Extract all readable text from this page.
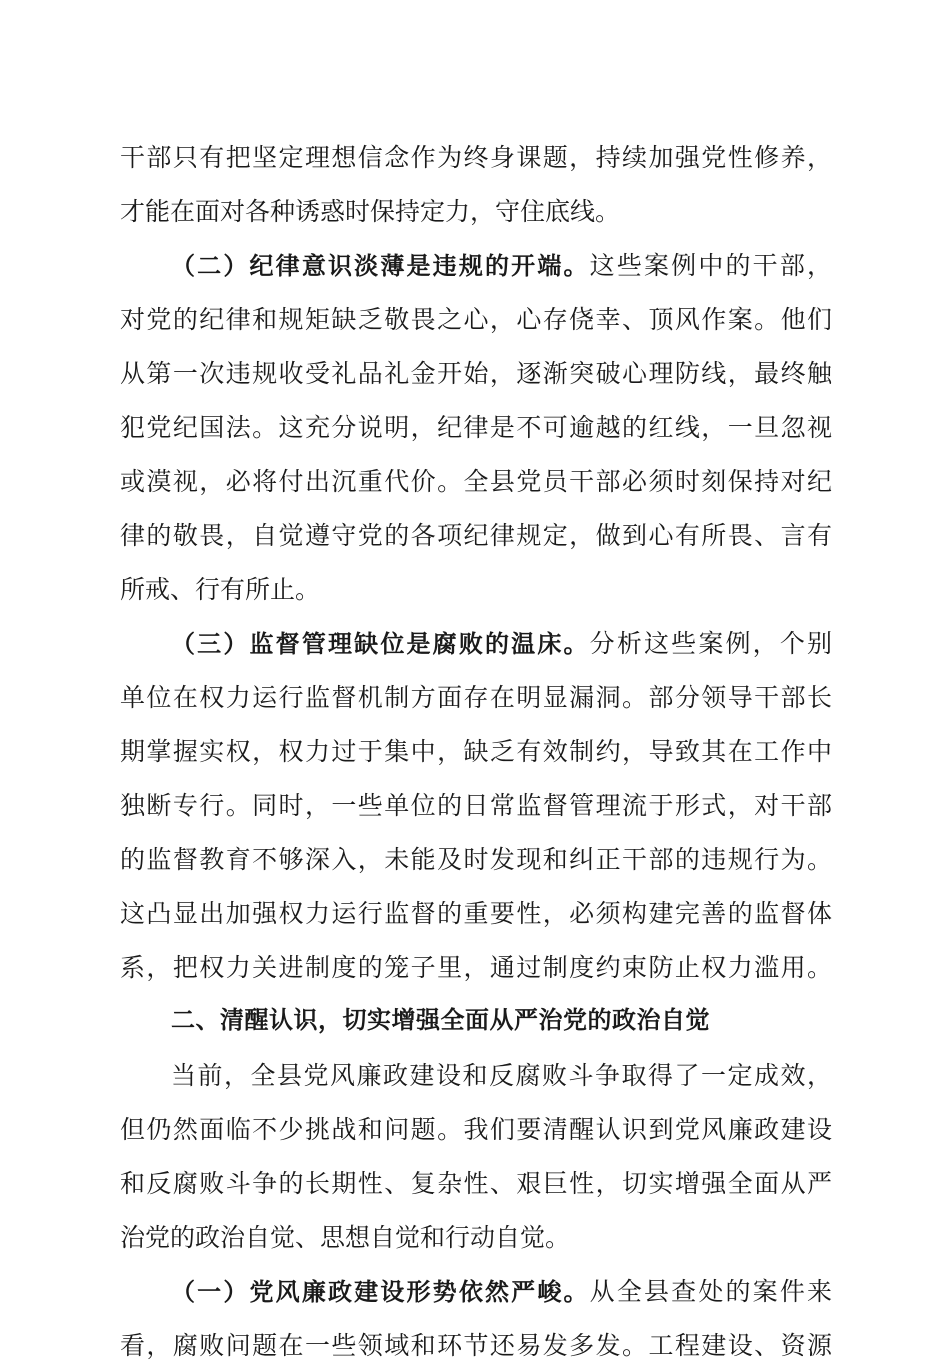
干部只有把坚定理想信念作为终身课题，持续加强党性修养，
才能在面对各种诱惑时保持定力，守住底线。
（二）纪律意识淡薄是违规的开端。这些案例中的干部，
对党的纪律和规矩缺乏敬畏之心，心存侥幸、顶风作案。他们
从第一次违规收受礼品礼金开始，逐渐突破心理防线，最终触
犯党纪国法。这充分说明，纪律是不可逾越的红线，一旦忽视
或漠视，必将付出沉重代价。全县党员干部必须时刻保持对纪
律的敬畏，自觉遵守党的各项纪律规定，做到心有所畏、言有
所戒、行有所止。
（三）监督管理缺位是腐败的温床。分析这些案例，个别
单位在权力运行监督机制方面存在明显漏洞。部分领导干部长
期掌握实权，权力过于集中，缺乏有效制约，导致其在工作中
独断专行。同时，一些单位的日常监督管理流于形式，对干部
的监督教育不够深入，未能及时发现和纠正干部的违规行为。
这凸显出加强权力运行监督的重要性，必须构建完善的监督体
系，把权力关进制度的笼子里，通过制度约束防止权力滥用。
二、清醒认识，切实增强全面从严治党的政治自觉
当前，全县党风廉政建设和反腐败斗争取得了一定成效，
但仍然面临不少挑战和问题。我们要清醒认识到党风廉政建设
和反腐败斗争的长期性、复杂性、艰巨性，切实增强全面从严
治党的政治自觉、思想自觉和行动自觉。
（一）党风廉政建设形势依然严峻。从全县查处的案件来
看，腐败问题在一些领域和环节还易发多发。工程建设、资源
